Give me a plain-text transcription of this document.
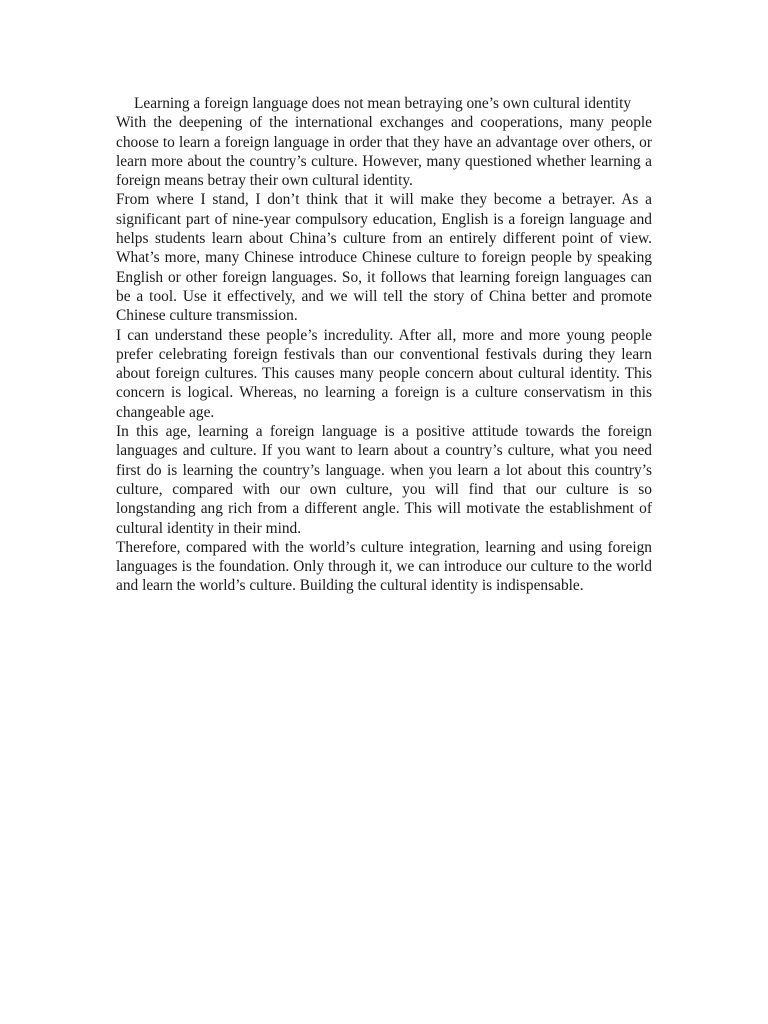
Learning a foreign language does not mean betraying one’s own cultural identity

With the deepening of the international exchanges and cooperations, many people choose to learn a foreign language in order that they have an advantage over others, or learn more about the country’s culture. However, many questioned whether learning a foreign means betray their own cultural identity.

From where I stand, I don’t think that it will make they become a betrayer. As a significant part of nine-year compulsory education, English is a foreign language and helps students learn about China’s culture from an entirely different point of view. What’s more, many Chinese introduce Chinese culture to foreign people by speaking English or other foreign languages. So, it follows that learning foreign languages can be a tool. Use it effectively, and we will tell the story of China better and promote Chinese culture transmission.

I can understand these people’s incredulity. After all, more and more young people prefer celebrating foreign festivals than our conventional festivals during they learn about foreign cultures. This causes many people concern about cultural identity. This concern is logical. Whereas, no learning a foreign is a culture conservatism in this changeable age.

In this age, learning a foreign language is a positive attitude towards the foreign languages and culture. If you want to learn about a country’s culture, what you need first do is learning the country’s language. when you learn a lot about this country’s culture, compared with our own culture, you will find that our culture is so longstanding ang rich from a different angle. This will motivate the establishment of cultural identity in their mind.

Therefore, compared with the world’s culture integration, learning and using foreign languages is the foundation. Only through it, we can introduce our culture to the world and learn the world’s culture. Building the cultural identity is indispensable.
